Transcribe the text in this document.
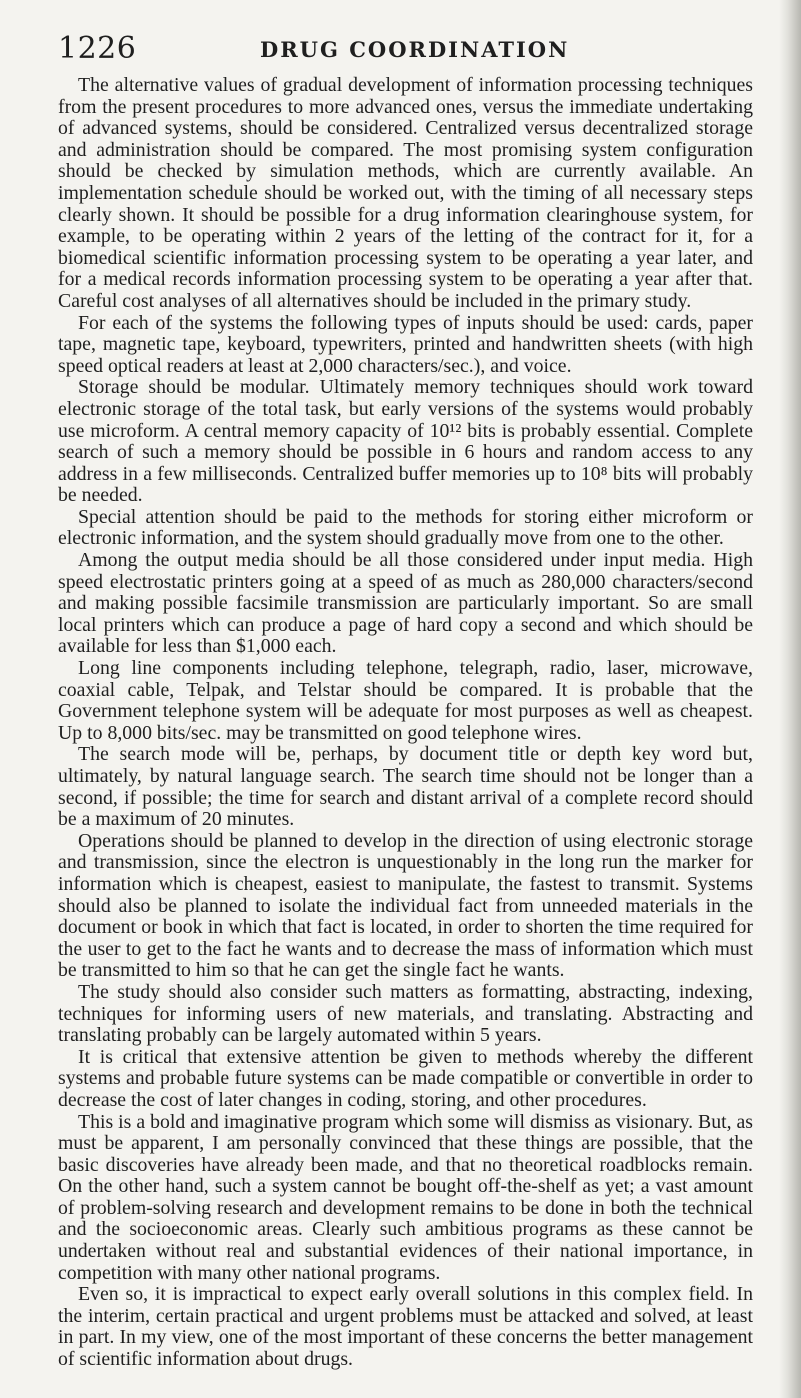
1226	DRUG COORDINATION

The alternative values of gradual development of information processing techniques from the present procedures to more advanced ones, versus the immediate undertaking of advanced systems, should be considered. Centralized versus decentralized storage and administration should be compared. The most promising system configuration should be checked by simulation methods, which are currently available. An implementation schedule should be worked out, with the timing of all necessary steps clearly shown. It should be possible for a drug information clearinghouse system, for example, to be operating within 2 years of the letting of the contract for it, for a biomedical scientific information processing system to be operating a year later, and for a medical records information processing system to be operating a year after that. Careful cost analyses of all alternatives should be included in the primary study.

For each of the systems the following types of inputs should be used: cards, paper tape, magnetic tape, keyboard, typewriters, printed and handwritten sheets (with high speed optical readers at least at 2,000 characters/sec.), and voice.

Storage should be modular. Ultimately memory techniques should work toward electronic storage of the total task, but early versions of the systems would probably use microform. A central memory capacity of 10¹² bits is probably essential. Complete search of such a memory should be possible in 6 hours and random access to any address in a few milliseconds. Centralized buffer memories up to 10⁸ bits will probably be needed.

Special attention should be paid to the methods for storing either microform or electronic information, and the system should gradually move from one to the other.

Among the output media should be all those considered under input media. High speed electrostatic printers going at a speed of as much as 280,000 characters/second and making possible facsimile transmission are particularly important. So are small local printers which can produce a page of hard copy a second and which should be available for less than $1,000 each.

Long line components including telephone, telegraph, radio, laser, microwave, coaxial cable, Telpak, and Telstar should be compared. It is probable that the Government telephone system will be adequate for most purposes as well as cheapest. Up to 8,000 bits/sec. may be transmitted on good telephone wires.

The search mode will be, perhaps, by document title or depth key word but, ultimately, by natural language search. The search time should not be longer than a second, if possible; the time for search and distant arrival of a complete record should be a maximum of 20 minutes.

Operations should be planned to develop in the direction of using electronic storage and transmission, since the electron is unquestionably in the long run the marker for information which is cheapest, easiest to manipulate, the fastest to transmit. Systems should also be planned to isolate the individual fact from unneeded materials in the document or book in which that fact is located, in order to shorten the time required for the user to get to the fact he wants and to decrease the mass of information which must be transmitted to him so that he can get the single fact he wants.

The study should also consider such matters as formatting, abstracting, indexing, techniques for informing users of new materials, and translating. Abstracting and translating probably can be largely automated within 5 years.

It is critical that extensive attention be given to methods whereby the different systems and probable future systems can be made compatible or convertible in order to decrease the cost of later changes in coding, storing, and other procedures.

This is a bold and imaginative program which some will dismiss as visionary. But, as must be apparent, I am personally convinced that these things are possible, that the basic discoveries have already been made, and that no theoretical roadblocks remain. On the other hand, such a system cannot be bought off-the-shelf as yet; a vast amount of problem-solving research and development remains to be done in both the technical and the socioeconomic areas. Clearly such ambitious programs as these cannot be undertaken without real and substantial evidences of their national importance, in competition with many other national programs.

Even so, it is impractical to expect early overall solutions in this complex field. In the interim, certain practical and urgent problems must be attacked and solved, at least in part. In my view, one of the most important of these concerns the better management of scientific information about drugs.
